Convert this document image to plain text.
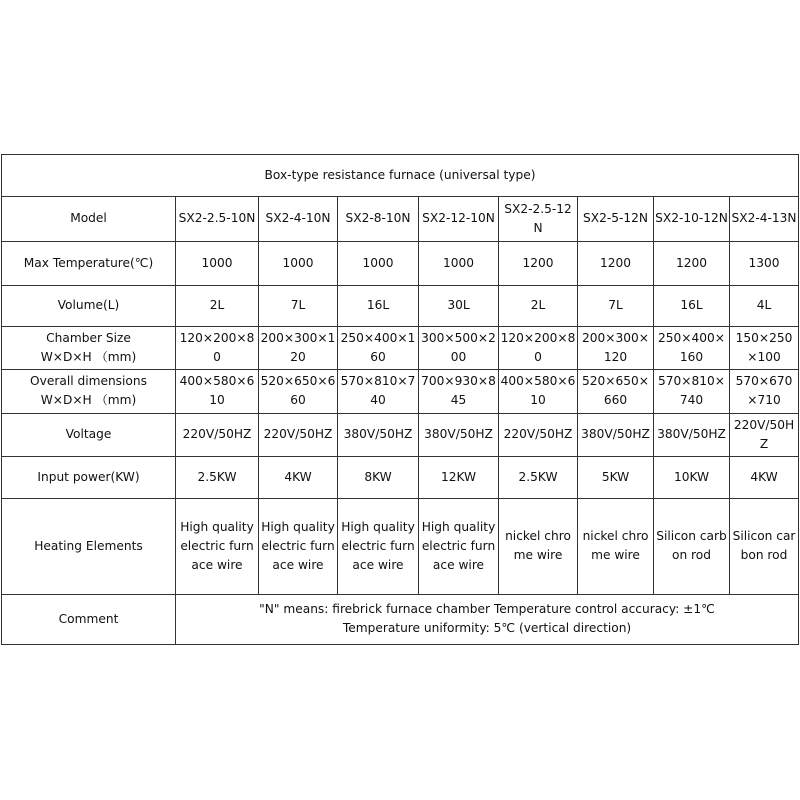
Box-type resistance furnace (universal type)								
Model	SX2-2.5-10N	SX2-4-10N	SX2-8-10N	SX2-12-10N	SX2-2.5-12N	SX2-5-12N	SX2-10-12N	SX2-4-13N
Max Temperature(℃)	1000	1000	1000	1000	1200	1200	1200	1300
Volume(L)	2L	7L	16L	30L	2L	7L	16L	4L

Chamber Size
W×D×H （mm)	120×200×80	200×300×120	250×400×160	300×500×200	120×200×80	200×300×120	250×400×160	150×250×100

Overall dimensions
W×D×H （mm)	400×580×610	520×650×660	570×810×740	700×930×845	400×580×610	520×650×660	570×810×740	570×670×710
Voltage	220V/50HZ	220V/50HZ	380V/50HZ	380V/50HZ	220V/50HZ	380V/50HZ	380V/50HZ	220V/50HZ
Input power(KW)	2.5KW	4KW	8KW	12KW	2.5KW	5KW	10KW	4KW
Heating Elements	High quality electric furnace wire	High quality electric furnace wire	High quality electric furnace wire	High quality electric furnace wire	nickel chrome wire	nickel chrome wire	Silicon carbon rod	Silicon carbon rod
Comment	"N" means: firebrick furnace chamber Temperature control accuracy: ±1℃
Temperature uniformity: 5℃ (vertical direction)							
